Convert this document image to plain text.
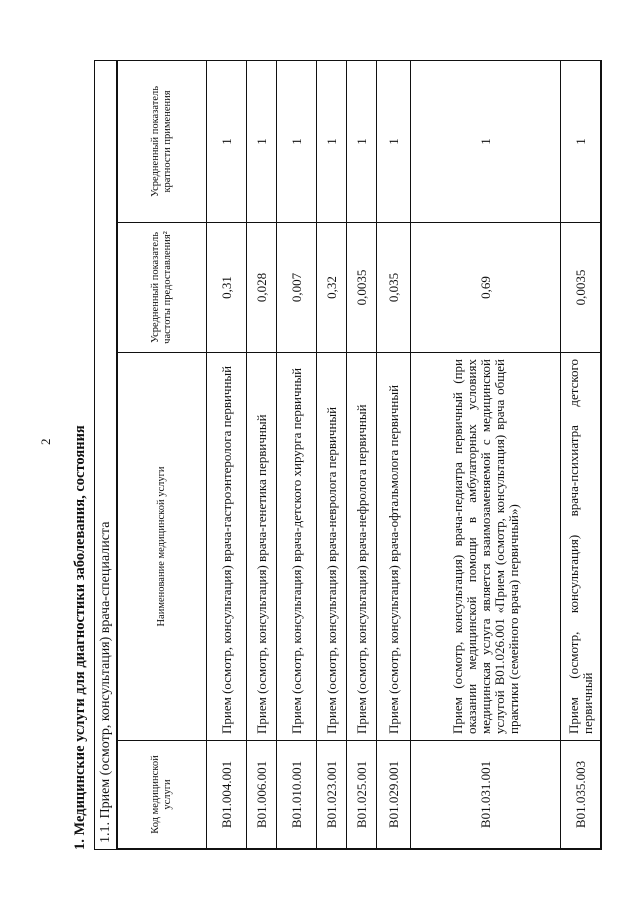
2 1. Медицинские услуги для диагностики заболевания, состояния 1.1. Прием (осмотр, консультация) врача-специалиста	Код медицинской услуги	Наименование медицинской услуги	Усредненный показатель частоты предоставления²	Усредненный показатель кратности применения
B01.004.001	Прием (осмотр, консультация) врача-гастроэнтеролога первичный	0,31	1
B01.006.001	Прием (осмотр, консультация) врача-генетика первичный	0,028	1
B01.010.001	Прием (осмотр, консультация) врача-детского хирурга первичный	0,007	1
B01.023.001	Прием (осмотр, консультация) врача-невролога первичный	0,32	1
B01.025.001	Прием (осмотр, консультация) врача-нефролога первичный	0,0035	1
B01.029.001	Прием (осмотр, консультация) врача-офтальмолога первичный	0,035	1
B01.031.001	Прием (осмотр, консультация) врача-педиатра первичный (при оказании медицинской помощи в амбулаторных условиях медицинская услуга является взаимозаменяемой с медицинской услугой B01.026.001 «Прием (осмотр, консультация) врача общей практики (семейного врача) первичный»)	0,69	1
B01.035.003	Прием (осмотр, консультация) врача-психиатра детского первичный	0,0035	1
